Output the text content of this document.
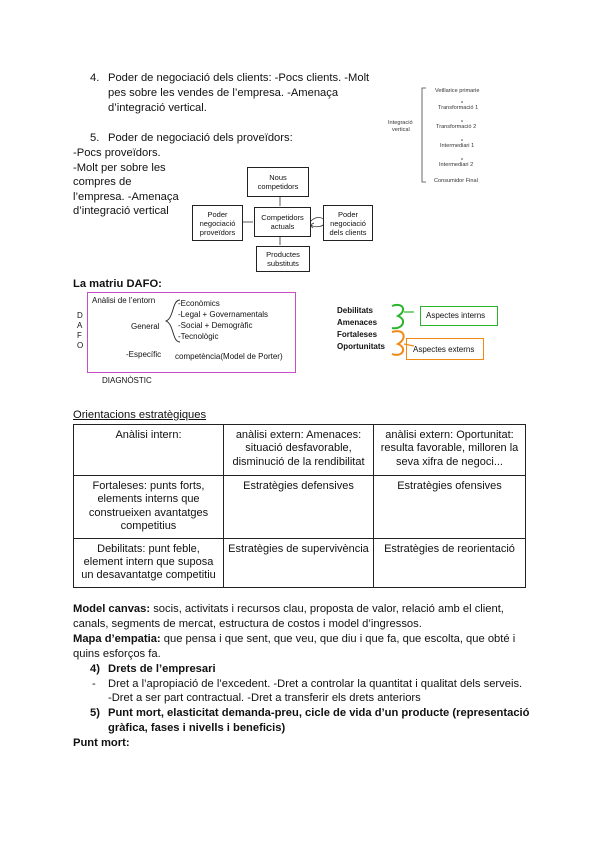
4. Poder de negociació dels clients: -Pocs clients. -Molt
pes sobre les vendes de l’empresa. -Amenaça
d’integració vertical.
5. Poder de negociació dels proveïdors:
-Pocs proveïdors.
-Molt per sobre les
compres de
l’empresa. -Amenaça
d’integració vertical
Integració
vertical
Vetllarice primarie
Transformació 1
Transformació 2
Intermediari 1
Intermediari 2
Consumidor Final
Nous competidors
Poder negociació proveïdors
Competidors actuals
Poder negociació dels clients
Productes substituts
La matriu DAFO:
D
A
F
O
Anàlisi de l’entorn
General
-Econòmics
-Legal + Governamentals
-Social + Demogràfic
-Tecnològic
-Específic competència(Model de Porter)
DIAGNÒSTIC
Debilitats
Amenaces
Fortaleses
Oportunitats
Aspectes interns
Aspectes externs
Orientacions estratègiques
Anàlisi intern:	anàlisi extern: Amenaces: situació desfavorable, disminució de la rendibilitat	anàlisi extern: Oportunitat: resulta favorable, milloren la seva xifra de negoci...
Fortaleses: punts forts, elements interns que construeixen avantatges competitius	Estratègies defensives	Estratègies ofensives
Debilitats: punt feble, element intern que suposa un desavantatge competitiu	Estratègies de supervivència	Estratègies de reorientació
Model canvas: socis, activitats i recursos clau, proposta de valor, relació amb el client,
canals, segments de mercat, estructura de costos i model d’ingressos.
Mapa d’empatia: que pensa i que sent, que veu, que diu i que fa, que escolta, que obté i
quins esforços fa.
4) Drets de l’empresari
- Dret a l’apropiació de l’excedent. -Dret a controlar la quantitat i qualitat dels serveis.
-Dret a ser part contractual. -Dret a transferir els drets anteriors
5) Punt mort, elasticitat demanda-preu, cicle de vida d’un producte (representació
gràfica, fases i nivells i beneficis)
Punt mort:
